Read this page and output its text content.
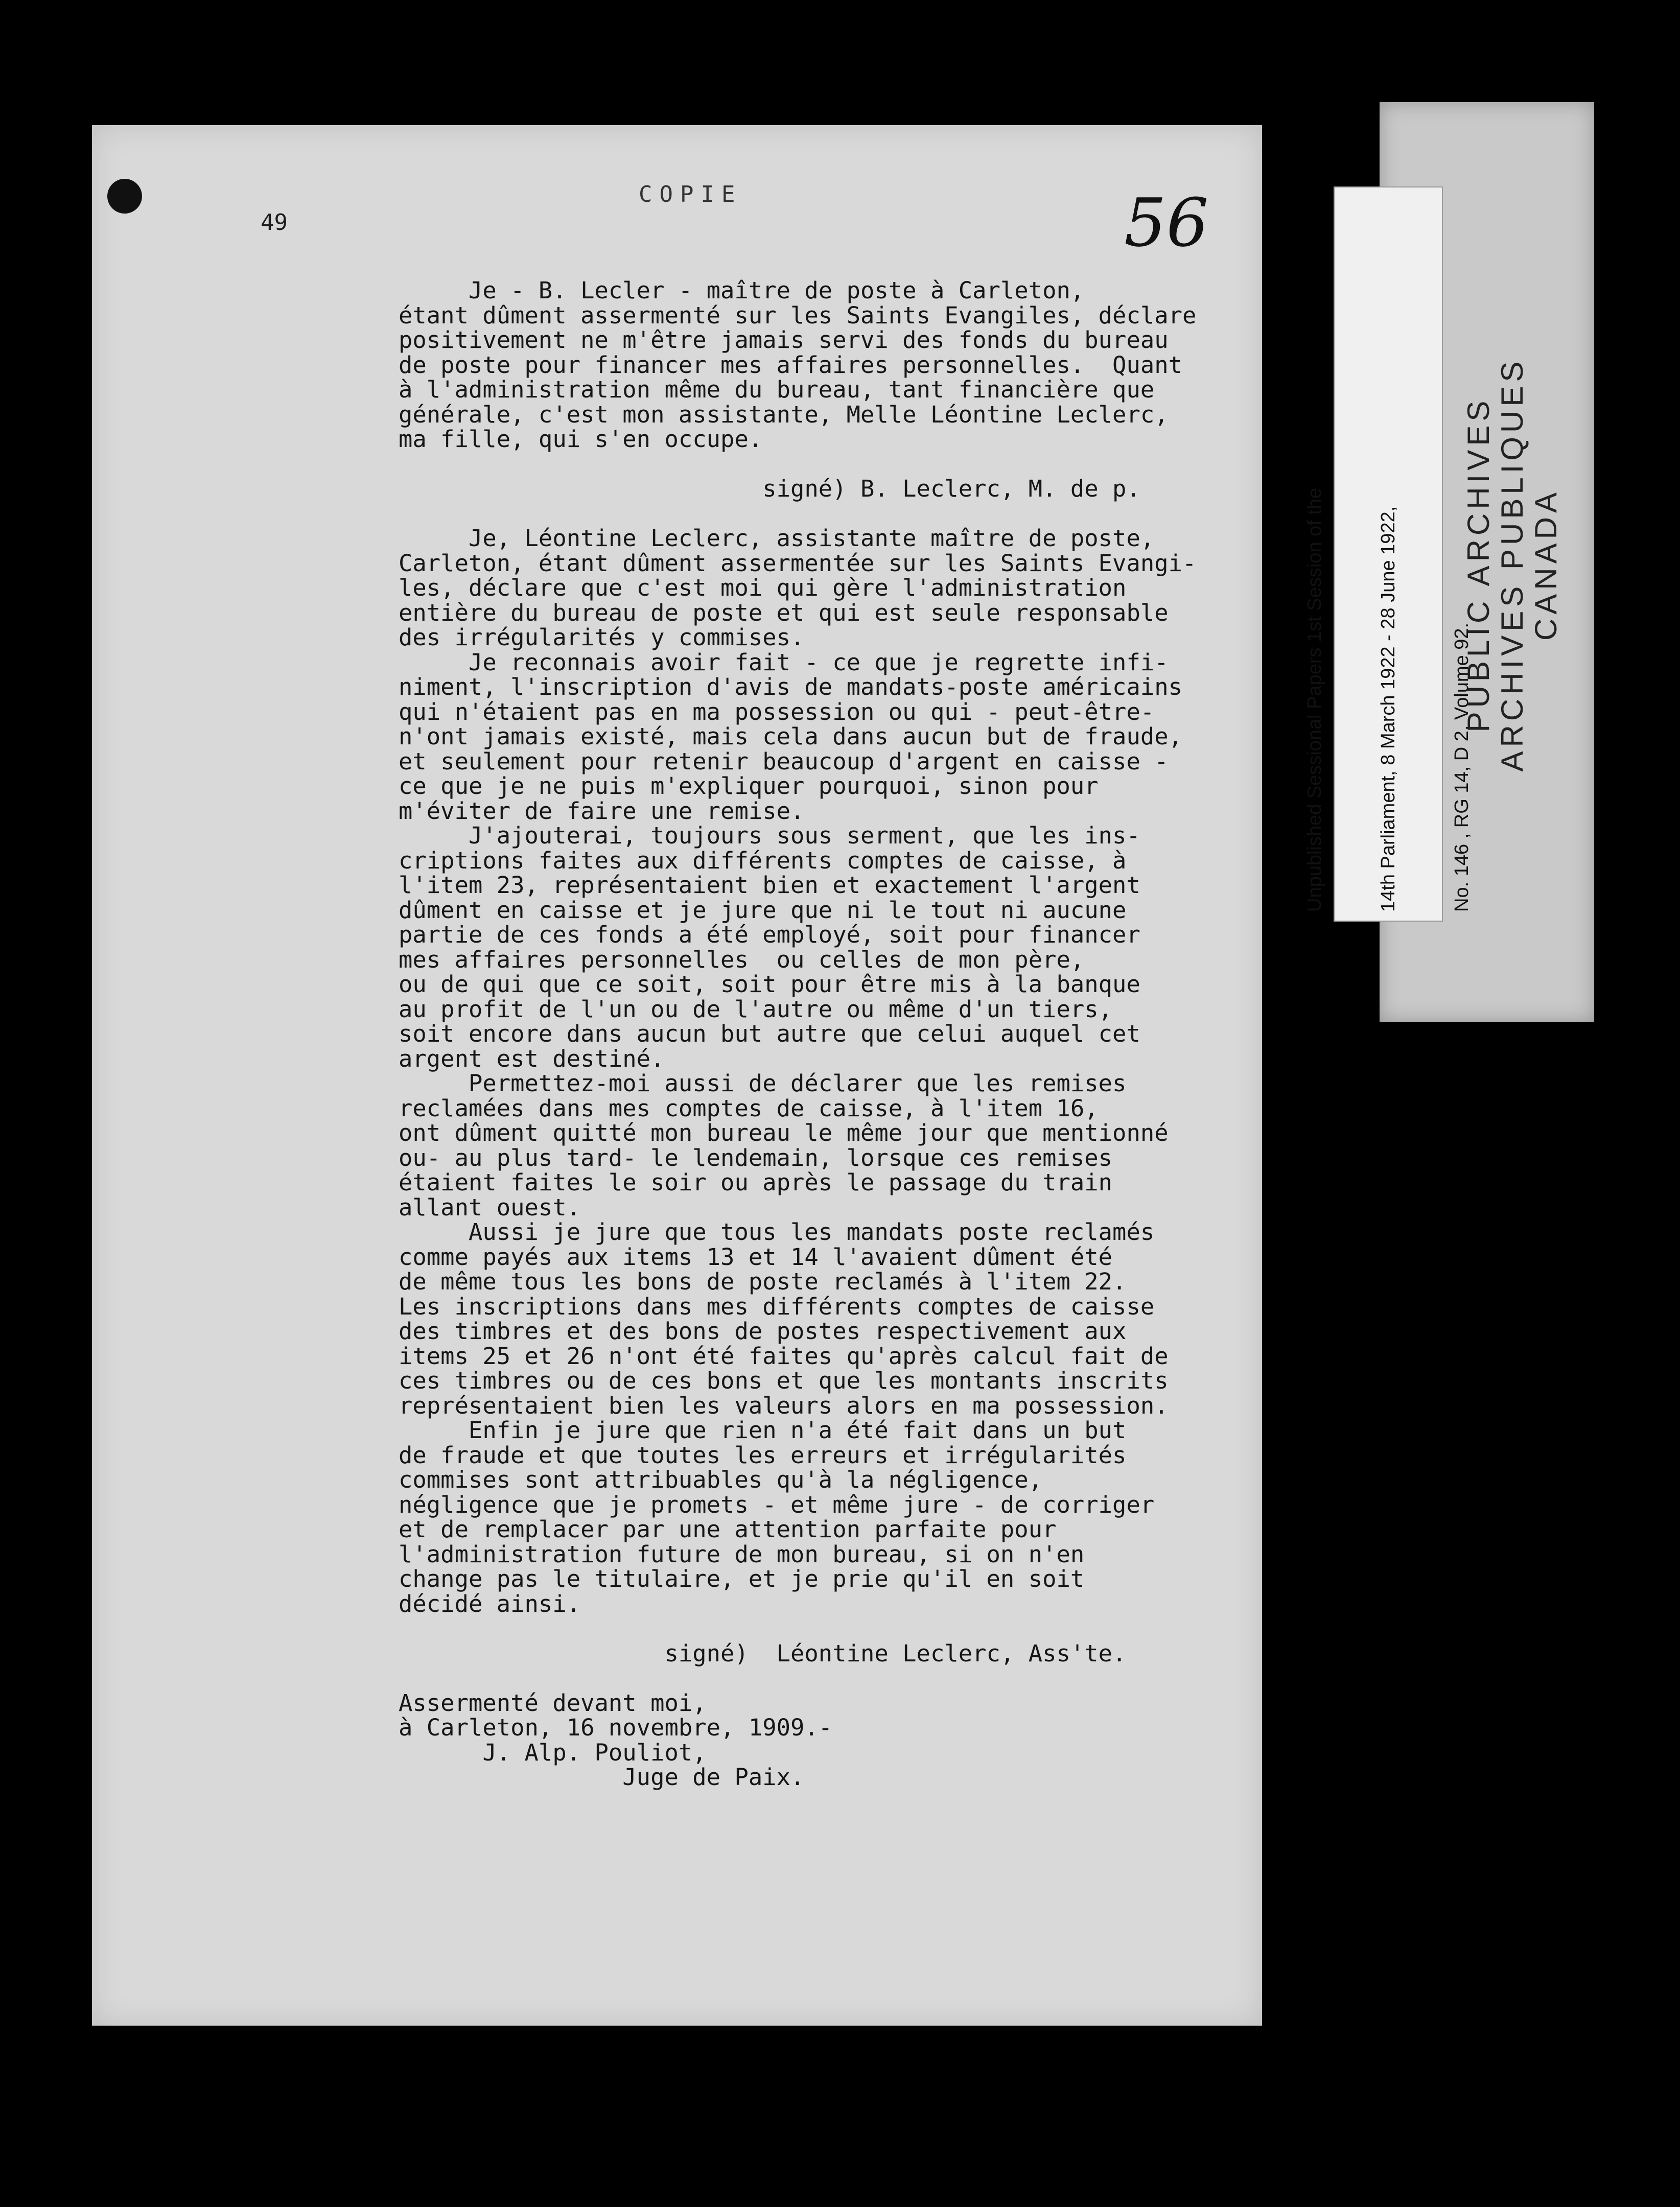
Unpublished Sessional Papers 1st Session of the

	14th Parliament, 8 March 1922 - 28 June 1922,

	No. 146 , RG 14, D 2, Volume 92.

PUBLIC ARCHIVES ARCHIVES PUBLIQUES CANADA
49
COPIE	56
Je - B. Lecler - maître de poste à Carleton,
étant dûment assermenté sur les Saints Evangiles, déclare
positivement ne m'être jamais servi des fonds du bureau
de poste pour financer mes affaires personnelles.  Quant
à l'administration même du bureau, tant financière que
générale, c'est mon assistante, Melle Léontine Leclerc,
ma fille, qui s'en occupe.
signé) B. Leclerc, M. de p.
Je, Léontine Leclerc, assistante maître de poste,
Carleton, étant dûment assermentée sur les Saints Evangi-
les, déclare que c'est moi qui gère l'administration
entière du bureau de poste et qui est seule responsable
des irrégularités y commises.
Je reconnais avoir fait - ce que je regrette infi-
niment, l'inscription d'avis de mandats-poste américains
qui n'étaient pas en ma possession ou qui - peut-être-
n'ont jamais existé, mais cela dans aucun but de fraude,
et seulement pour retenir beaucoup d'argent en caisse -
ce que je ne puis m'expliquer pourquoi, sinon pour
m'éviter de faire une remise.
J'ajouterai, toujours sous serment, que les ins-
criptions faites aux différents comptes de caisse, à
l'item 23, représentaient bien et exactement l'argent
dûment en caisse et je jure que ni le tout ni aucune
partie de ces fonds a été employé, soit pour financer
mes affaires personnelles  ou celles de mon père,
ou de qui que ce soit, soit pour être mis à la banque
au profit de l'un ou de l'autre ou même d'un tiers,
soit encore dans aucun but autre que celui auquel cet
argent est destiné.
Permettez-moi aussi de déclarer que les remises
reclamées dans mes comptes de caisse, à l'item 16,
ont dûment quitté mon bureau le même jour que mentionné
ou- au plus tard- le lendemain, lorsque ces remises
étaient faites le soir ou après le passage du train
allant ouest.
Aussi je jure que tous les mandats poste reclamés
comme payés aux items 13 et 14 l'avaient dûment été
de même tous les bons de poste reclamés à l'item 22.
Les inscriptions dans mes différents comptes de caisse
des timbres et des bons de postes respectivement aux
items 25 et 26 n'ont été faites qu'après calcul fait de
ces timbres ou de ces bons et que les montants inscrits
représentaient bien les valeurs alors en ma possession.
Enfin je jure que rien n'a été fait dans un but
de fraude et que toutes les erreurs et irrégularités
commises sont attribuables qu'à la négligence,
négligence que je promets - et même jure - de corriger
et de remplacer par une attention parfaite pour
l'administration future de mon bureau, si on n'en
change pas le titulaire, et je prie qu'il en soit
décidé ainsi.
signé)  Léontine Leclerc, Ass'te.
Assermenté devant moi,
à Carleton, 16 novembre, 1909.-
J. Alp. Pouliot,
Juge de Paix.
